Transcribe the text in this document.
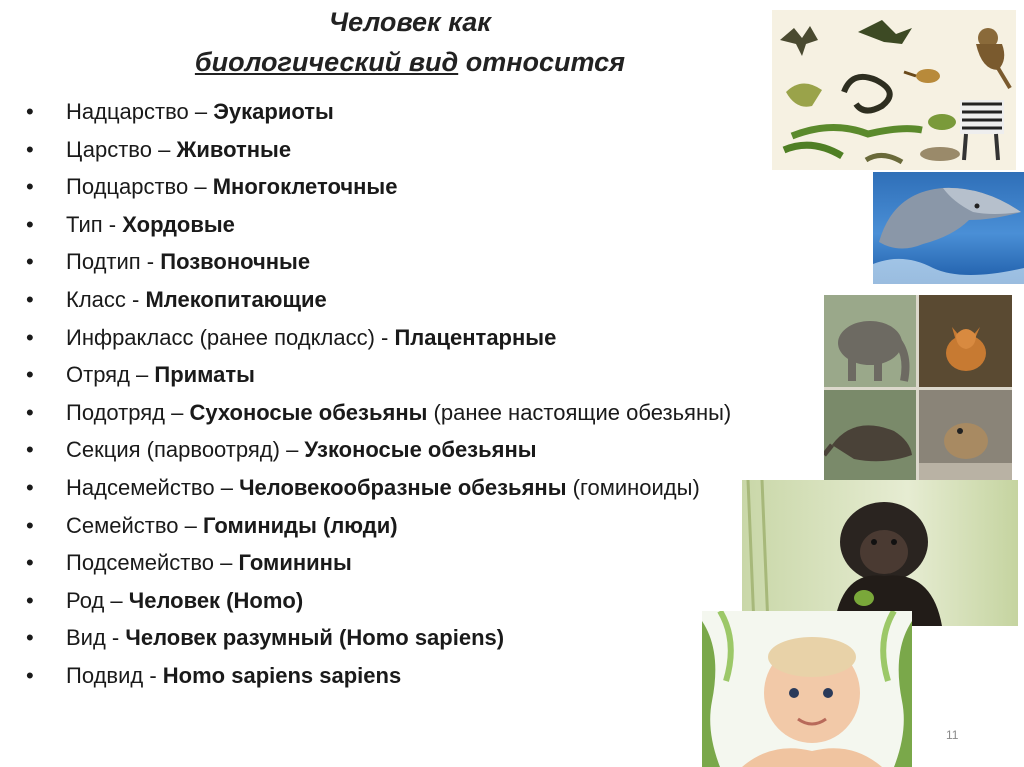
Человек как
биологический вид относится
• Надцарство – Эукариоты
• Царство – Животные
• Подцарство – Многоклеточные
• Тип - Хордовые
• Подтип - Позвоночные
• Класс - Млекопитающие
• Инфракласс (ранее подкласс) - Плацентарные
• Отряд – Приматы
• Подотряд – Сухоносые обезьяны (ранее настоящие обезьяны)
• Секция (парвоотряд) – Узконосые обезьяны
• Надсемейство – Человекообразные обезьяны (гоминоиды)
• Семейство – Гоминиды (люди)
• Подсемейство – Гоминины
• Род – Человек (Homo)
• Вид - Человек разумный (Homo sapiens)
• Подвид - Homo sapiens sapiens
11
